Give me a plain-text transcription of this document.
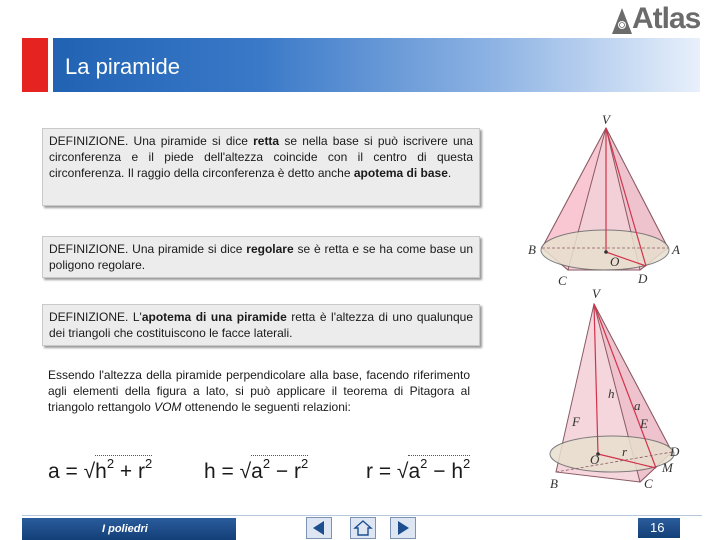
Atlas
La piramide
DEFINIZIONE. Una piramide si dice retta se nella base si può iscrivere una circonferenza e il piede dell'altezza coincide con il centro di questa circonferenza. Il raggio della circonferenza è detto anche apotema di base.
DEFINIZIONE. Una piramide si dice regolare se è retta e se ha come base un poligono regolare.
DEFINIZIONE. L'apotema di una piramide retta è l'altezza di uno qualunque dei triangoli che costituiscono le facce laterali.
Essendo l'altezza della piramide perpendicolare alla base, facendo riferimento agli elementi della figura a lato, si può applicare il teorema di Pitagora al triangolo rettangolo VOM ottenendo le seguenti relazioni:
$a = √h^2 + r^2$ $h = √a^2 - r^2$	$r = √a^2 - h^2$
V
B	A
O
C	D
V
h
a
E
F
O
r	D
M
B	C
I poliedri	16
